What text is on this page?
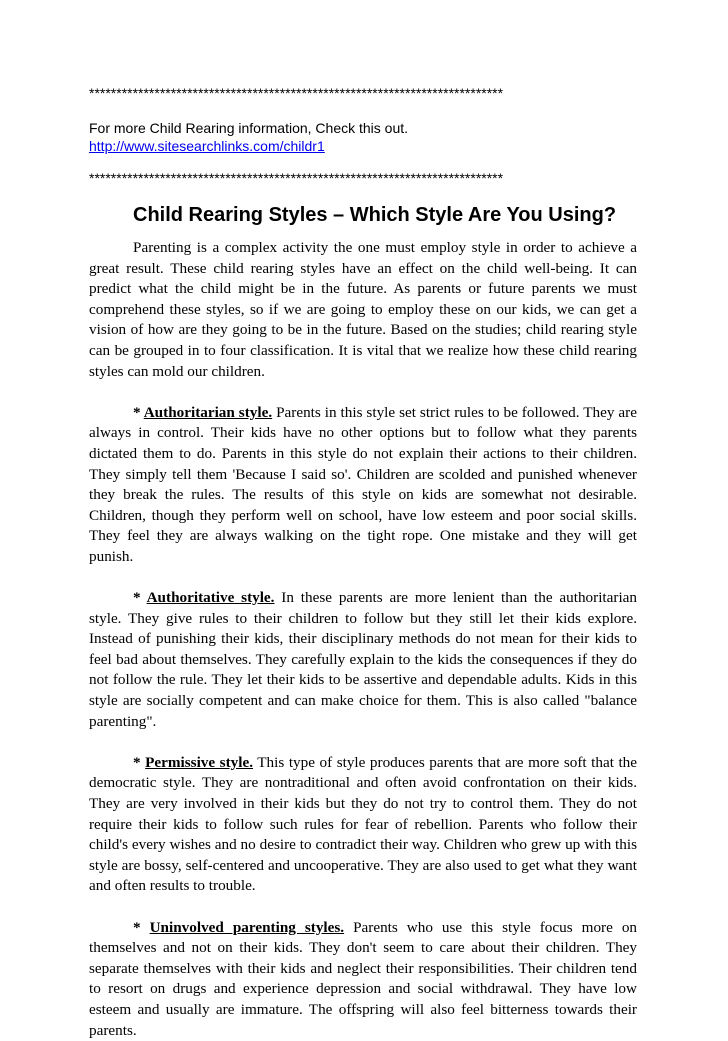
****************************************************************************
For more Child Rearing information, Check this out.
http://www.sitesearchlinks.com/childr1
****************************************************************************
Child Rearing Styles – Which Style Are You Using?

Parenting is a complex activity the one must employ style in order to achieve a great result. These child rearing styles have an effect on the child well-being. It can predict what the child might be in the future. As parents or future parents we must comprehend these styles, so if we are going to employ these on our kids, we can get a vision of how are they going to be in the future. Based on the studies; child rearing style can be grouped in to four classification. It is vital that we realize how these child rearing styles can mold our children.

* Authoritarian style. Parents in this style set strict rules to be followed. They are always in control. Their kids have no other options but to follow what they parents dictated them to do. Parents in this style do not explain their actions to their children. They simply tell them 'Because I said so'. Children are scolded and punished whenever they break the rules. The results of this style on kids are somewhat not desirable. Children, though they perform well on school, have low esteem and poor social skills. They feel they are always walking on the tight rope. One mistake and they will get punish.

* Authoritative style. In these parents are more lenient than the authoritarian style. They give rules to their children to follow but they still let their kids explore. Instead of punishing their kids, their disciplinary methods do not mean for their kids to feel bad about themselves. They carefully explain to the kids the consequences if they do not follow the rule. They let their kids to be assertive and dependable adults. Kids in this style are socially competent and can make choice for them. This is also called "balance parenting".

* Permissive style. This type of style produces parents that are more soft that the democratic style. They are nontraditional and often avoid confrontation on their kids. They are very involved in their kids but they do not try to control them. They do not require their kids to follow such rules for fear of rebellion. Parents who follow their child's every wishes and no desire to contradict their way. Children who grew up with this style are bossy, self-centered and uncooperative. They are also used to get what they want and often results to trouble.

* Uninvolved parenting styles. Parents who use this style focus more on themselves and not on their kids. They don't seem to care about their children. They separate themselves with their kids and neglect their responsibilities. Their children tend to resort on drugs and experience depression and social withdrawal. They have low esteem and usually are immature. The offspring will also feel bitterness towards their parents.
